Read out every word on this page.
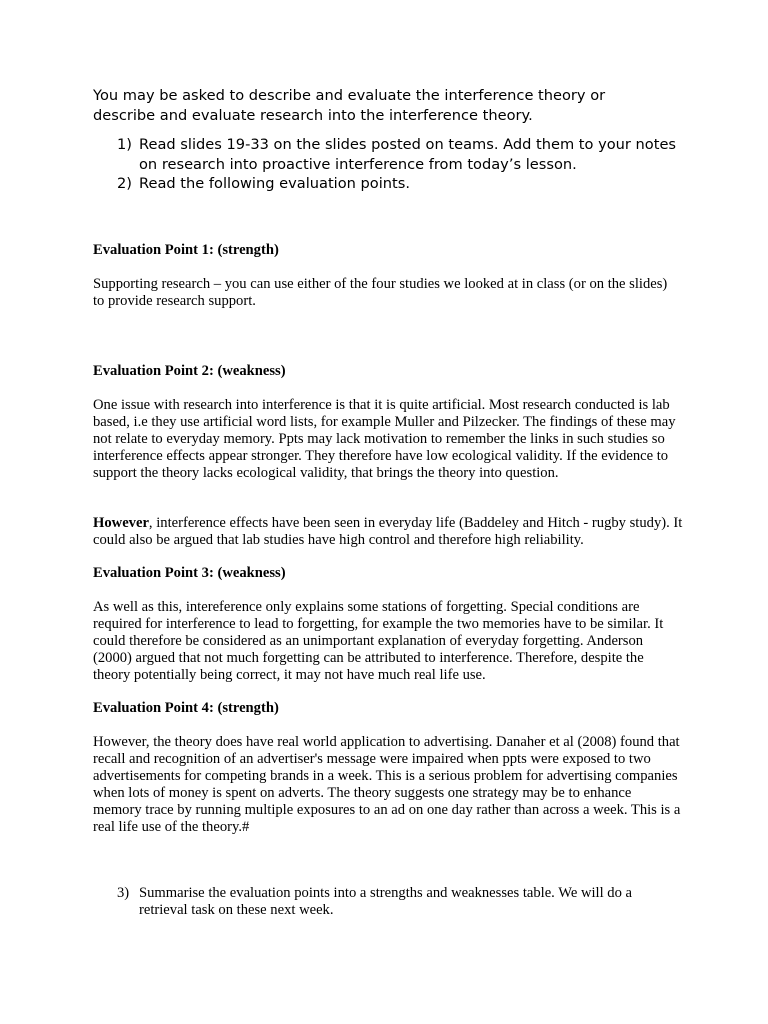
You may be asked to describe and evaluate the interference theory or describe and evaluate research into the interference theory.

1) Read slides 19-33 on the slides posted on teams. Add them to your notes on research into proactive interference from today’s lesson.
2) Read the following evaluation points.

Evaluation Point 1: (strength)

Supporting research – you can use either of the four studies we looked at in class (or on the slides) to provide research support.

Evaluation Point 2: (weakness)

One issue with research into interference is that it is quite artificial. Most research conducted is lab based, i.e they use artificial word lists, for example Muller and Pilzecker. The findings of these may not relate to everyday memory. Ppts may lack motivation to remember the links in such studies so interference effects appear stronger. They therefore have low ecological validity. If the evidence to support the theory lacks ecological validity, that brings the theory into question.

However, interference effects have been seen in everyday life (Baddeley and Hitch - rugby study). It could also be argued that lab studies have high control and therefore high reliability.

Evaluation Point 3: (weakness)

As well as this, intereference only explains some stations of forgetting. Special conditions are required for interference to lead to forgetting, for example the two memories have to be similar. It could therefore be considered as an unimportant explanation of everyday forgetting. Anderson (2000) argued that not much forgetting can be attributed to interference. Therefore, despite the theory potentially being correct, it may not have much real life use.

Evaluation Point 4: (strength)

However, the theory does have real world application to advertising. Danaher et al (2008) found that recall and recognition of an advertiser's message were impaired when ppts were exposed to two advertisements for competing brands in a week. This is a serious problem for advertising companies when lots of money is spent on adverts. The theory suggests one strategy may be to enhance memory trace by running multiple exposures to an ad on one day rather than across a week. This is a real life use of the theory.#

3) Summarise the evaluation points into a strengths and weaknesses table. We will do a retrieval task on these next week.
